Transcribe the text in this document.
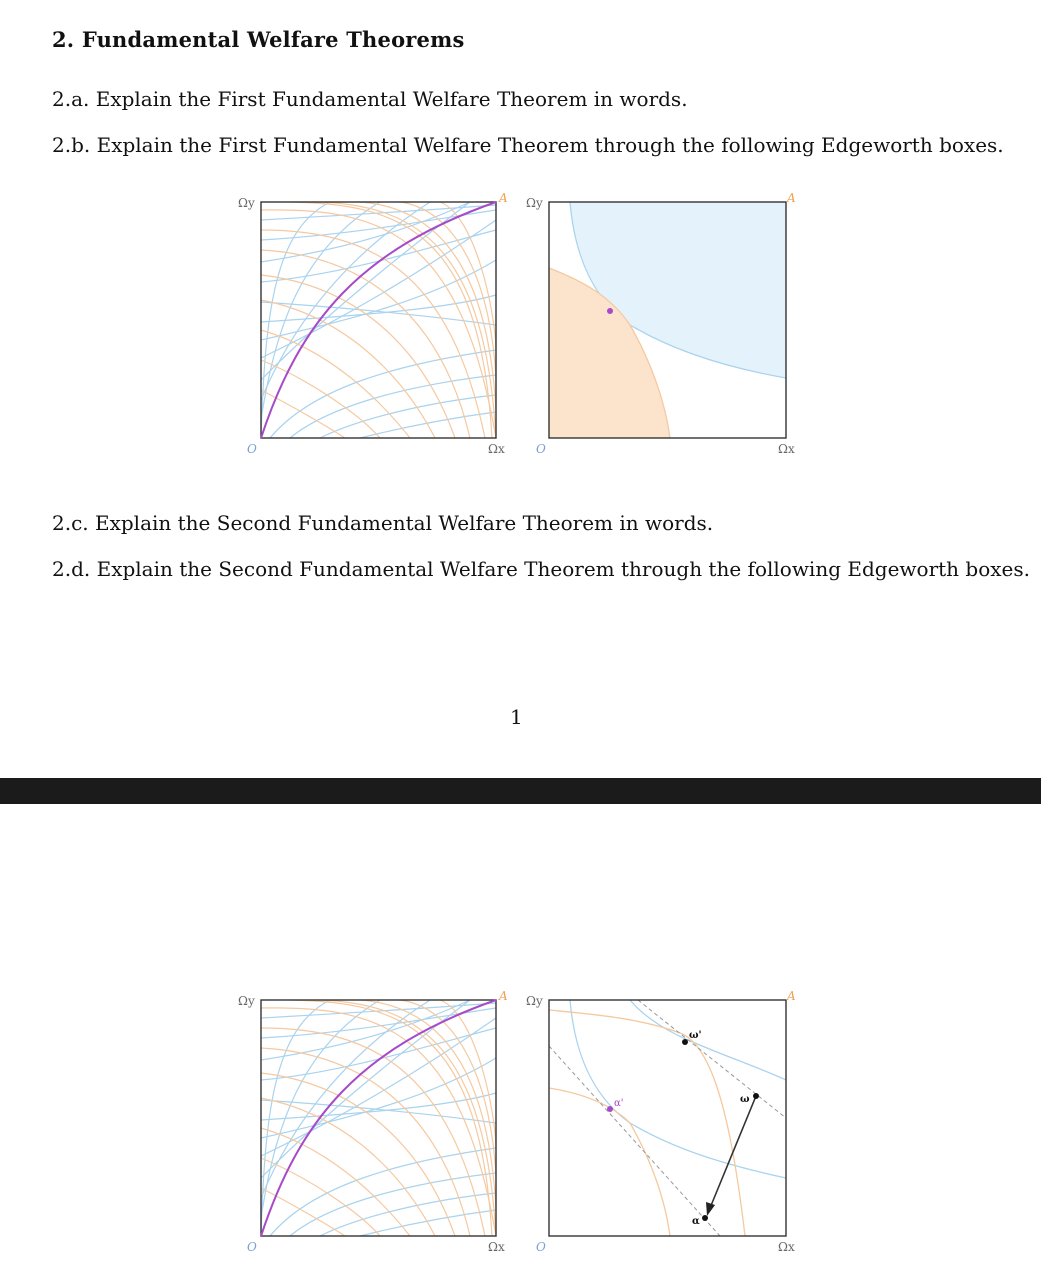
2. Fundamental Welfare Theorems

2.a. Explain the First Fundamental Welfare Theorem in words.

2.b. Explain the First Fundamental Welfare Theorem through the following Edgeworth boxes.

Ωy
Ωx
O
A Ωy
Ωx
O
A

2.c. Explain the Second Fundamental Welfare Theorem in words.

2.d. Explain the Second Fundamental Welfare Theorem through the following Edgeworth boxes.

1
Ωy
Ωx
O
A Ωy
Ωx
O
A
α'
ω'
ω
α
